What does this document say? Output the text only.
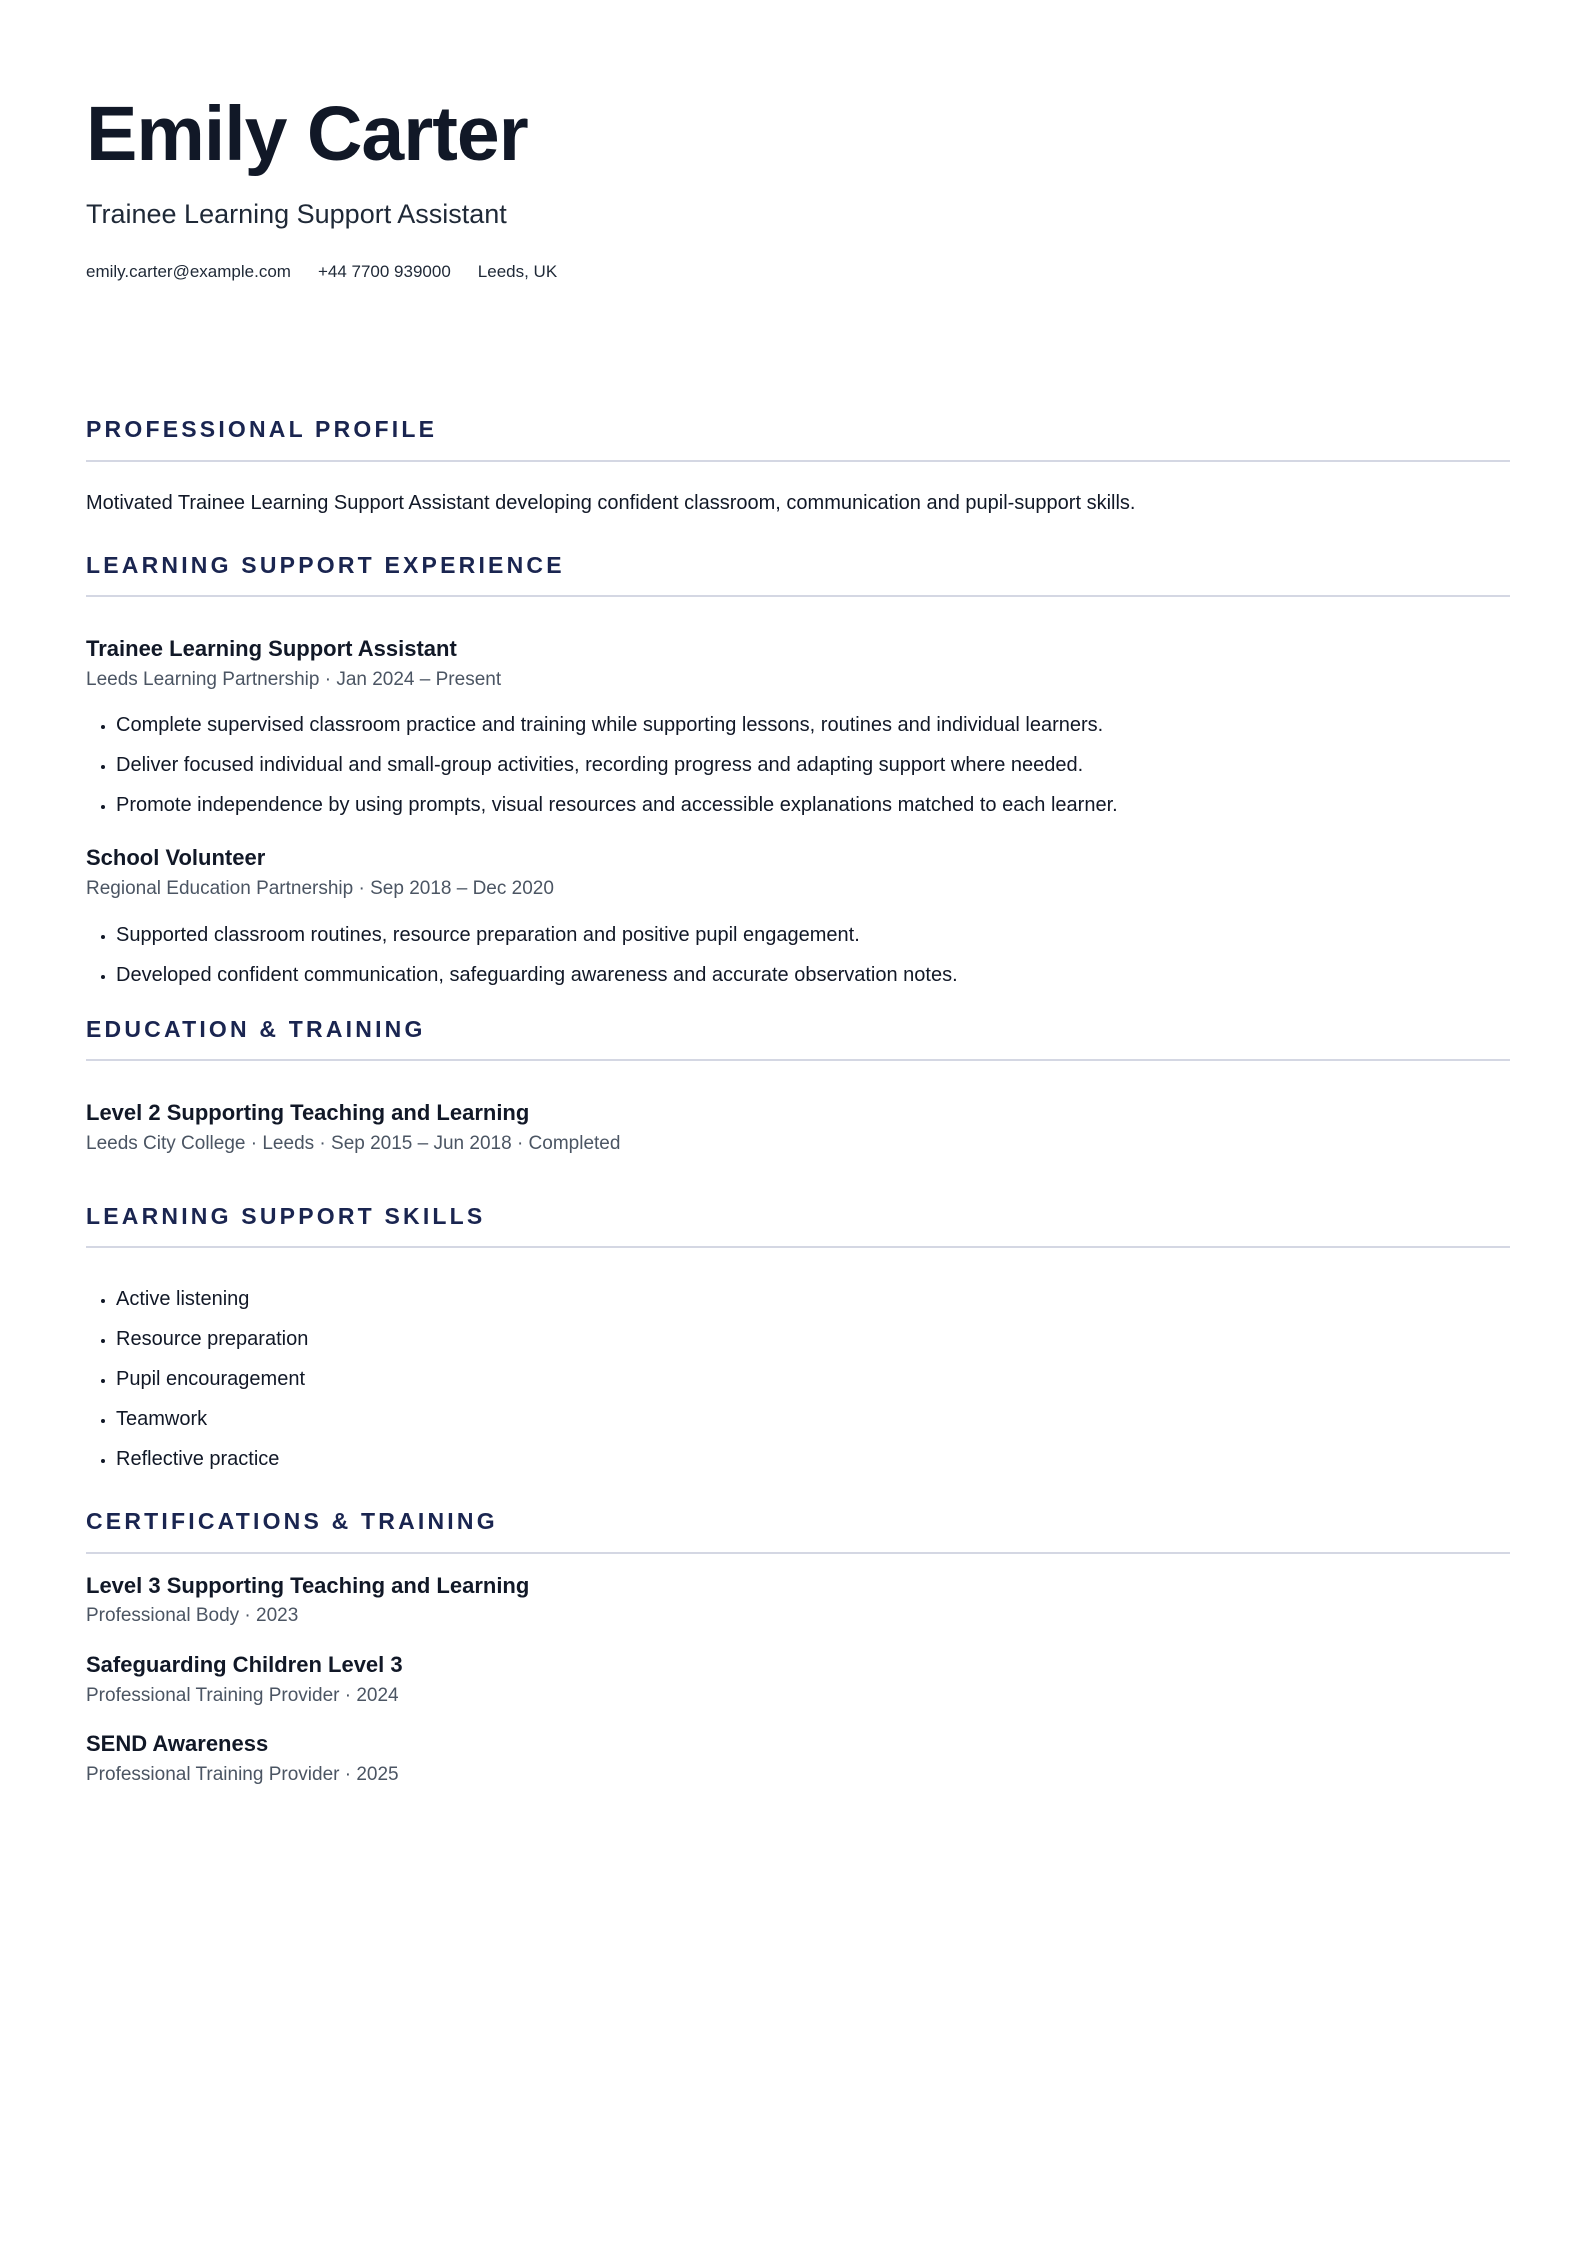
Emily Carter

Trainee Learning Support Assistant

emily.carter@example.com +44 7700 939000 Leeds, UK
PROFESSIONAL PROFILE

Motivated Trainee Learning Support Assistant developing confident classroom, communication and pupil-support skills.

LEARNING SUPPORT EXPERIENCE

Trainee Learning Support Assistant

Leeds Learning Partnership · Jan 2024 – Present

• Complete supervised classroom practice and training while supporting lessons, routines and individual learners.
• Deliver focused individual and small-group activities, recording progress and adapting support where needed.
• Promote independence by using prompts, visual resources and accessible explanations matched to each learner.

School Volunteer

Regional Education Partnership · Sep 2018 – Dec 2020

• Supported classroom routines, resource preparation and positive pupil engagement.
• Developed confident communication, safeguarding awareness and accurate observation notes.
EDUCATION & TRAINING

Level 2 Supporting Teaching and Learning

Leeds City College · Leeds · Sep 2015 – Jun 2018 · Completed

LEARNING SUPPORT SKILLS
• Active listening
• Resource preparation
• Pupil encouragement
• Teamwork
• Reflective practice
CERTIFICATIONS & TRAINING

Level 3 Supporting Teaching and Learning

Professional Body · 2023

Safeguarding Children Level 3

Professional Training Provider · 2024

SEND Awareness

Professional Training Provider · 2025
